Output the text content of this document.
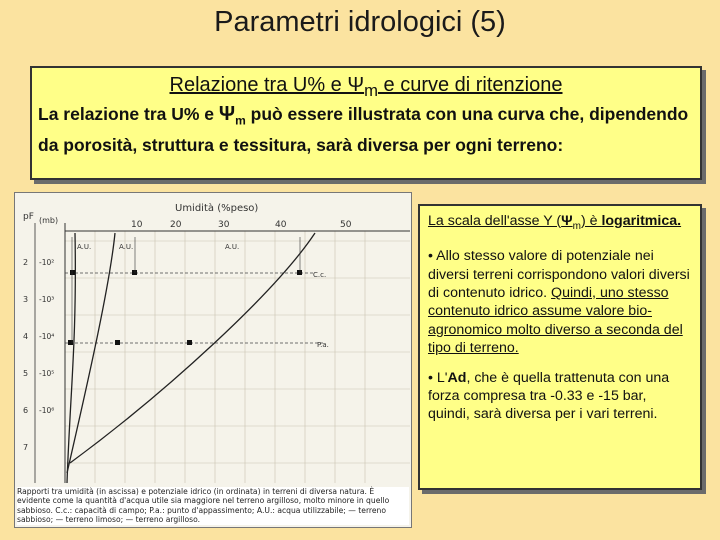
Parametri idrologici (5)
Relazione tra U% e $\Psi_m$ e curve di ritenzione
La relazione tra U% e $\Psi_m$ può essere illustrata con una curva che, dipendendo da porosità, struttura e tessitura, sarà diversa per ogni terreno:
Umidità (%peso)
10	20	30	40	50
pF (mb)
2
3
4
5
6
7
-10²
-10³
-10⁴
-10⁵
-10⁶
A.U.	A.U.	A.U.
C.c.
P.a.
Rapporti tra umidità (in ascissa) e potenziale idrico (in ordinata) in terreni di diversa natura. È evidente come la quantità d'acqua utile sia maggiore nel terreno argilloso, molto minore in quello sabbioso. C.c.: capacità di campo; P.a.: punto d'appassimento; A.U.: acqua utilizzabile; — terreno sabbioso; — terreno limoso; — terreno argilloso.

La scala dell'asse Y $(\Psi_m)$ è logaritmica.

• Allo stesso valore di potenziale nei diversi terreni corrispondono valori diversi di contenuto idrico. Quindi, uno stesso contenuto idrico assume valore bio-agronomico molto diverso a seconda del tipo di terreno.

• L'Ad, che è quella trattenuta con una forza compresa tra -0.33 e -15 bar, quindi, sarà diversa per i vari terreni.
